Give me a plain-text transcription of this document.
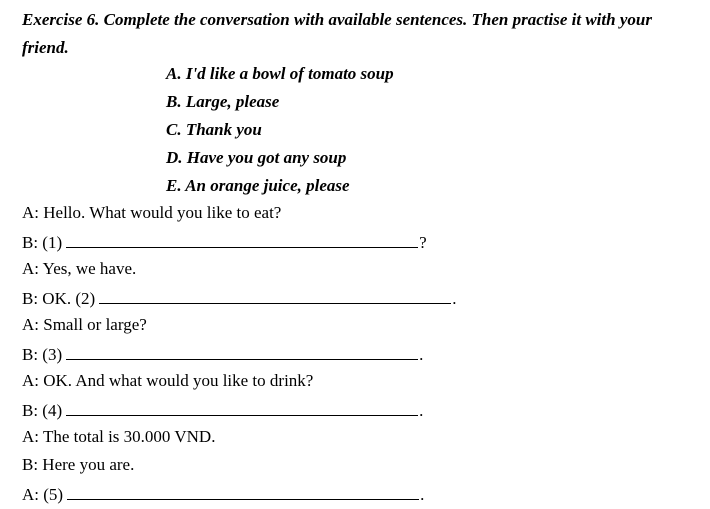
Exercise 6. Complete the conversation with available sentences. Then practise it with your friend.

A. I'd like a bowl of tomato soup
B. Large, please
C. Thank you
D. Have you got any soup
E. An orange juice, please
A: Hello. What would you like to eat?
B: (1)	?
A: Yes, we have.
B: OK. (2)	.
A: Small or large?
B: (3)	.
A: OK. And what would you like to drink?
B: (4)	.
A: The total is 30.000 VND.
B: Here you are.
A: (5)	.
